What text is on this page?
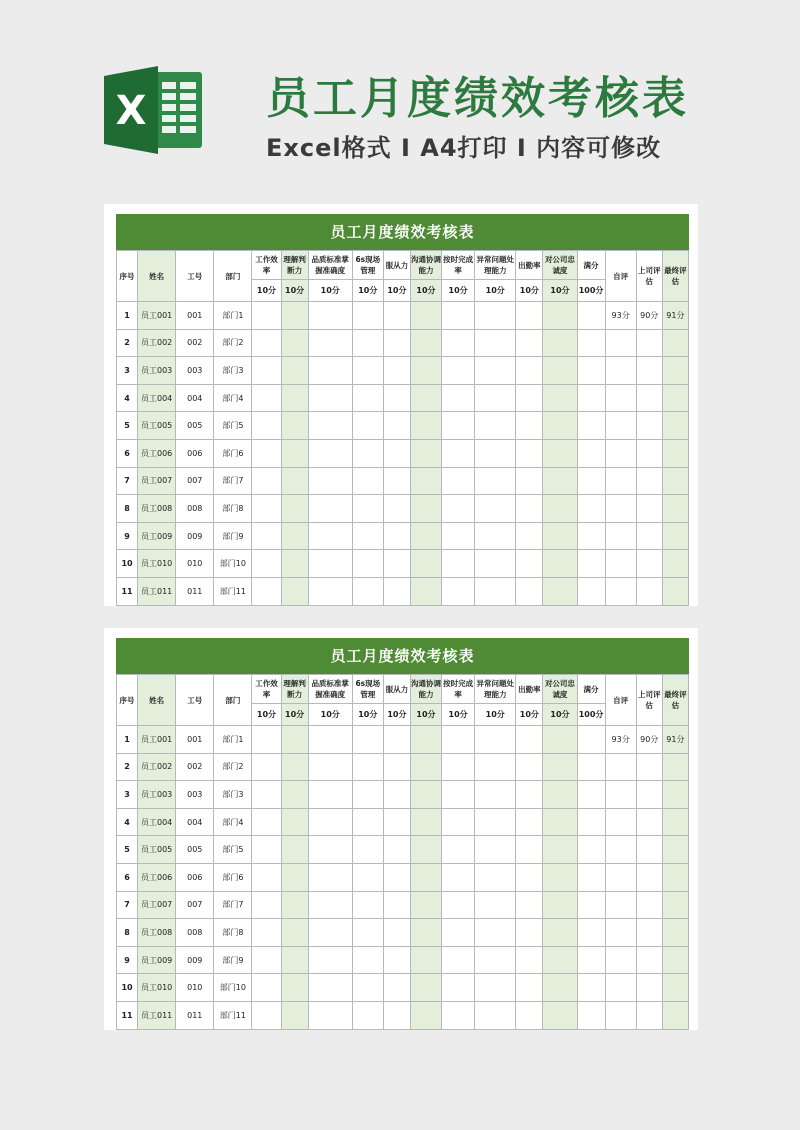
X	员工月度绩效考核表
Excel格式 I A4打印 I 内容可修改
员工月度绩效考核表
序号	姓名	工号	部门	工作效率	理解判断力	品质标准掌握准确度	6s现场管理	服从力	沟通协调能力	按时完成率	异常问题处理能力	出勤率	对公司忠诚度	满分	自评	上司评估	最终评估
				10分	10分	10分	10分	10分	10分	10分	10分	10分	10分	100分			
1	员工001	001	部门1												93分	90分	91分
2	员工002	002	部门2														
3	员工003	003	部门3														
4	员工004	004	部门4														
5	员工005	005	部门5														
6	员工006	006	部门6														
7	员工007	007	部门7														
8	员工008	008	部门8														
9	员工009	009	部门9														
10	员工010	010	部门10														
11	员工011	011	部门11														
员工月度绩效考核表
序号	姓名	工号	部门	工作效率	理解判断力	品质标准掌握准确度	6s现场管理	服从力	沟通协调能力	按时完成率	异常问题处理能力	出勤率	对公司忠诚度	满分	自评	上司评估	最终评估
				10分	10分	10分	10分	10分	10分	10分	10分	10分	10分	100分			
1	员工001	001	部门1												93分	90分	91分
2	员工002	002	部门2														
3	员工003	003	部门3														
4	员工004	004	部门4														
5	员工005	005	部门5														
6	员工006	006	部门6														
7	员工007	007	部门7														
8	员工008	008	部门8														
9	员工009	009	部门9														
10	员工010	010	部门10														
11	员工011	011	部门11														
